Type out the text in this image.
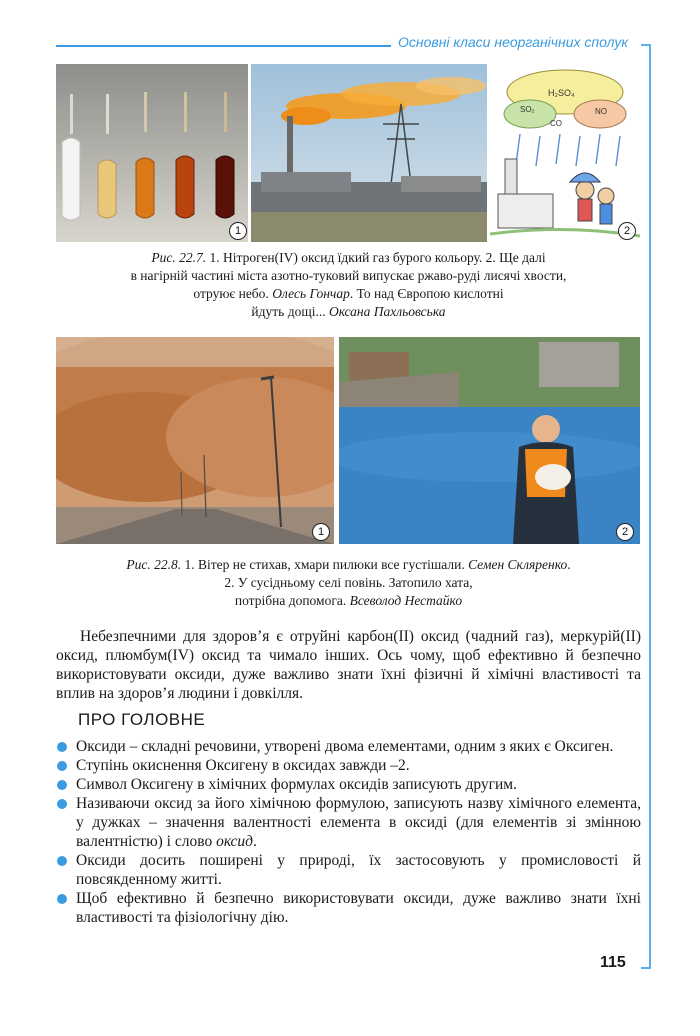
Основні класи неорганічних сполук
1
H₂SO₄
SO₂	NO
CO
2
Рис. 22.7. 1. Нітроген(IV) оксид їдкий газ бурого кольору. 2. Ще далі
в нагірній частині міста азотно-туковий випускає ржаво-руді лисячі хвости,
отруює небо. Олесь Гончар. То над Європою кислотні
йдуть дощі... Оксана Пахльовська
1	2
Рис. 22.8. 1. Вітер не стихав, хмари пилюки все густішали. Семен Скляренко.
2. У сусідньому селі повінь. Затопило хата,
потрібна допомога. Всеволод Нестайко
Небезпечними для здоров’я є отруйні карбон(II) оксид (чадний газ), меркурій(II) оксид, плюмбум(IV) оксид та чимало інших. Ось чому, щоб ефективно й безпечно використовувати оксиди, дуже важливо знати їхні фізичні й хімічні властивості та вплив на здоров’я людини і довкілля.
ПРО ГОЛОВНЕ
Оксиди – складні речовини, утворені двома елементами, одним з яких є Оксиген.
Ступінь окиснення Оксигену в оксидах завжди –2.
Символ Оксигену в хімічних формулах оксидів записують другим.
Називаючи оксид за його хімічною формулою, записують назву хімічного елемента, у дужках – значення валентності елемента в оксиді (для елементів зі змінною валентністю) і слово оксид.
Оксиди досить поширені у природі, їх застосовують у промисловості й повсякденному житті.
Щоб ефективно й безпечно використовувати оксиди, дуже важливо знати їхні властивості та фізіологічну дію.
115
